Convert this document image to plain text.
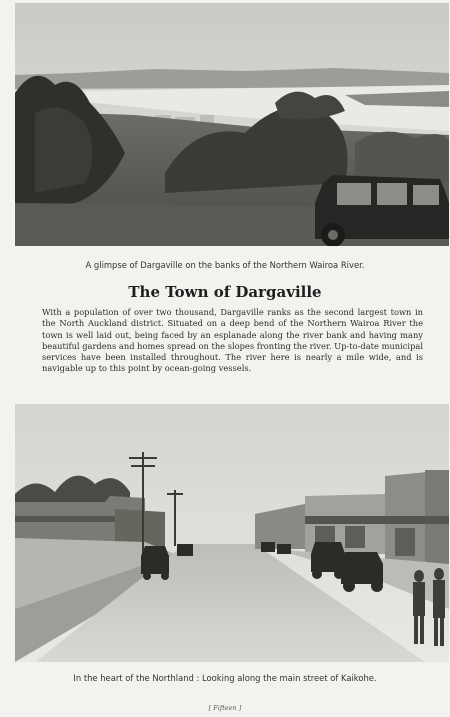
A glimpse of Dargaville on the banks of the Northern Wairoa River.
The Town of Dargaville
With a population of over two thousand, Dargaville ranks as the second largest town in the North Auckland district. Situated on a deep bend of the Northern Wairoa River the town is well laid out, being faced by an esplanade along the river bank and having many beautiful gardens and homes spread on the slopes fronting the river. Up-to-date municipal services have been installed throughout. The river here is nearly a mile wide, and is navigable up to this point by ocean-going vessels.
In the heart of the Northland : Looking along the main street of Kaikohe.
[ Fifteen ]
